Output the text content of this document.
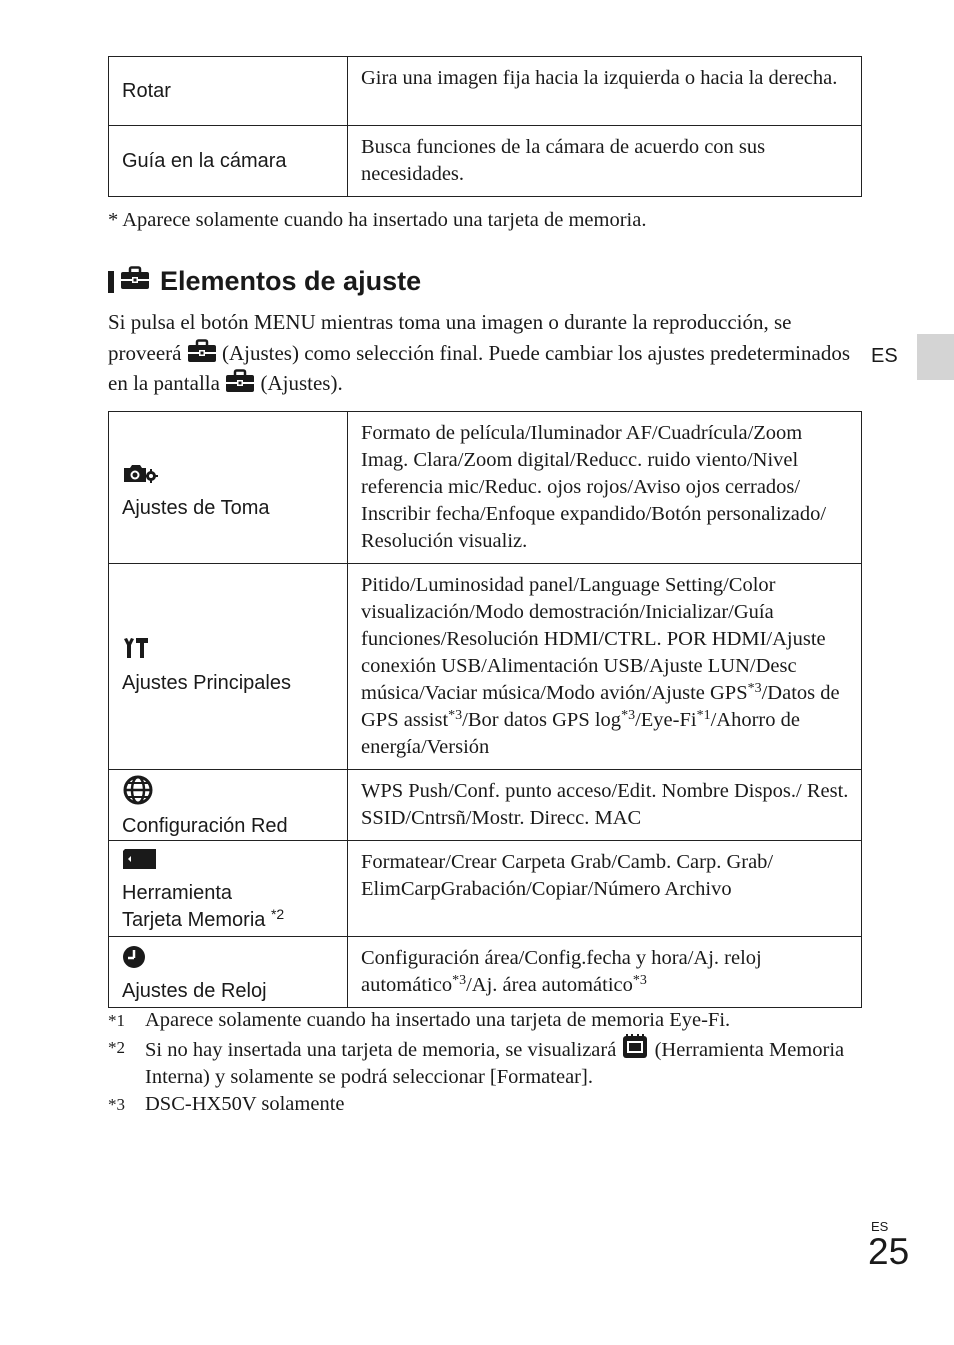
Rotar	Gira una imagen fija hacia la izquierda o hacia la derecha.
Guía en la cámara	Busca funciones de la cámara de acuerdo con sus necesidades.
* Aparece solamente cuando ha insertado una tarjeta de memoria.
Elementos de ajuste
Si pulsa el botón MENU mientras toma una imagen o durante la reproducción, se proveerá (Ajustes) como selección final. Puede cambiar los ajustes predeterminados en la pantalla (Ajustes).
ES
Ajustes de Toma	Formato de película/Iluminador AF/Cuadrícula/Zoom Imag. Clara/Zoom digital/Reducc. ruido viento/Nivel referencia mic/Reduc. ojos rojos/Aviso ojos cerrados/ Inscribir fecha/Enfoque expandido/Botón personalizado/ Resolución visualiz.

Ajustes Principales	Pitido/Luminosidad panel/Language Setting/Color visualización/Modo demostración/Inicializar/Guía funciones/Resolución HDMI/CTRL. POR HDMI/Ajuste conexión USB/Alimentación USB/Ajuste LUN/Desc música/Vaciar música/Modo avión/Ajuste GPS$^{*3}$/Datos de GPS assist$^{*3}$/Bor datos GPS $\log^{*3}/Eye-Fi^{*1}$/Ahorro de energía/Versión

Configuración Red	WPS Push/Conf. punto acceso/Edit. Nombre Dispos./ Rest. SSID/Cntrsñ/Mostr. Direcc. MAC

Herramienta
Tarjeta Memoria $^{*2}$	Formatear/Crear Carpeta Grab/Camb. Carp. Grab/ ElimCarpGrabación/Copiar/Número Archivo

Ajustes de Reloj	Configuración área/Config.fecha y hora/Aj. reloj automático$^{*3}$/Aj. área automático$^{*3}$
*1 Aparece solamente cuando ha insertado una tarjeta de memoria Eye-Fi.
*2 Si no hay insertada una tarjeta de memoria, se visualizará (Herramienta Memoria Interna) y solamente se podrá seleccionar [Formatear].
*3 DSC-HX50V solamente
ES
25
